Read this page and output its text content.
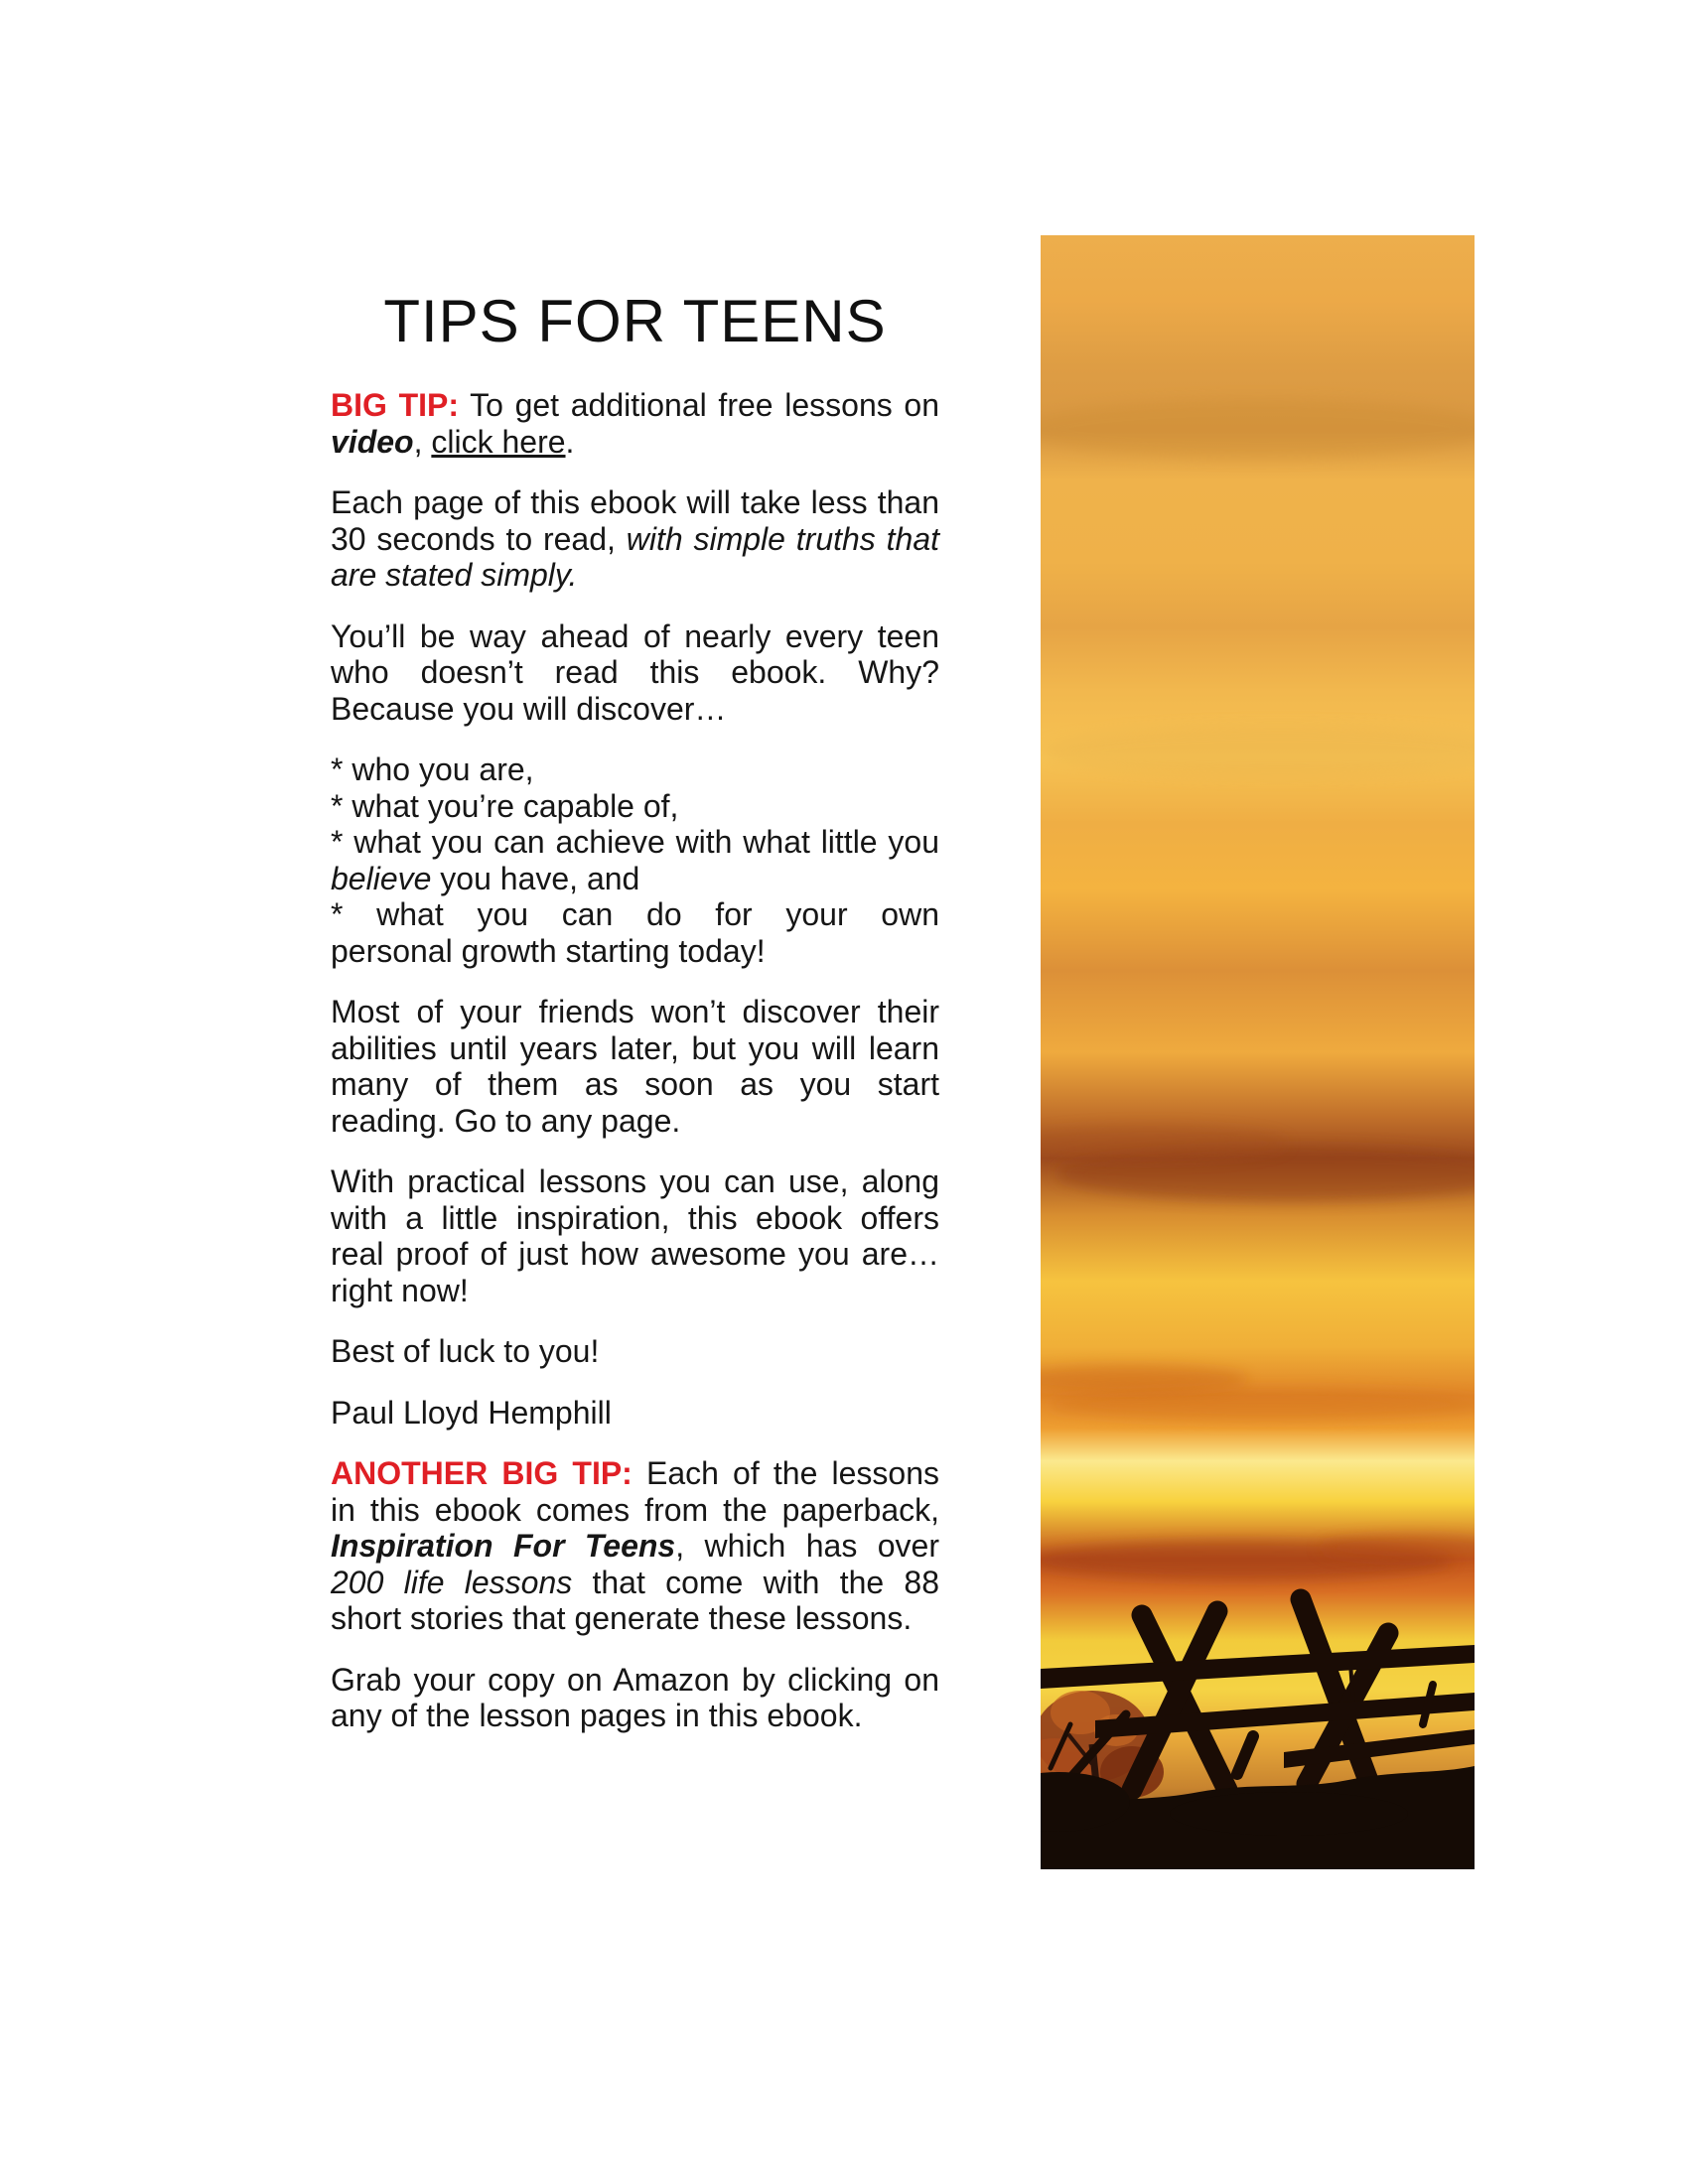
TIPS FOR TEENS

BIG TIP: To get additional free lessons on video, click here.

Each page of this ebook will take less than 30 seconds to read, with simple truths that are stated simply.

You’ll be way ahead of nearly every teen who doesn’t read this ebook. Why? Because you will discover…

* who you are,

* what you’re capable of,

* what you can achieve with what little you believe you have, and

* what you can do for your own

personal growth starting today!

Most of your friends won’t discover their abilities until years later, but you will learn many of them as soon as you start reading. Go to any page.

With practical lessons you can use, along with a little inspiration, this ebook offers real proof of just how awesome you are…right now!

Best of luck to you!

Paul Lloyd Hemphill

ANOTHER BIG TIP: Each of the lessons in this ebook comes from the paperback, Inspiration For Teens, which has over 200 life lessons that come with the 88 short stories that generate these lessons.

Grab your copy on Amazon by clicking on any of the lesson pages in this ebook.
